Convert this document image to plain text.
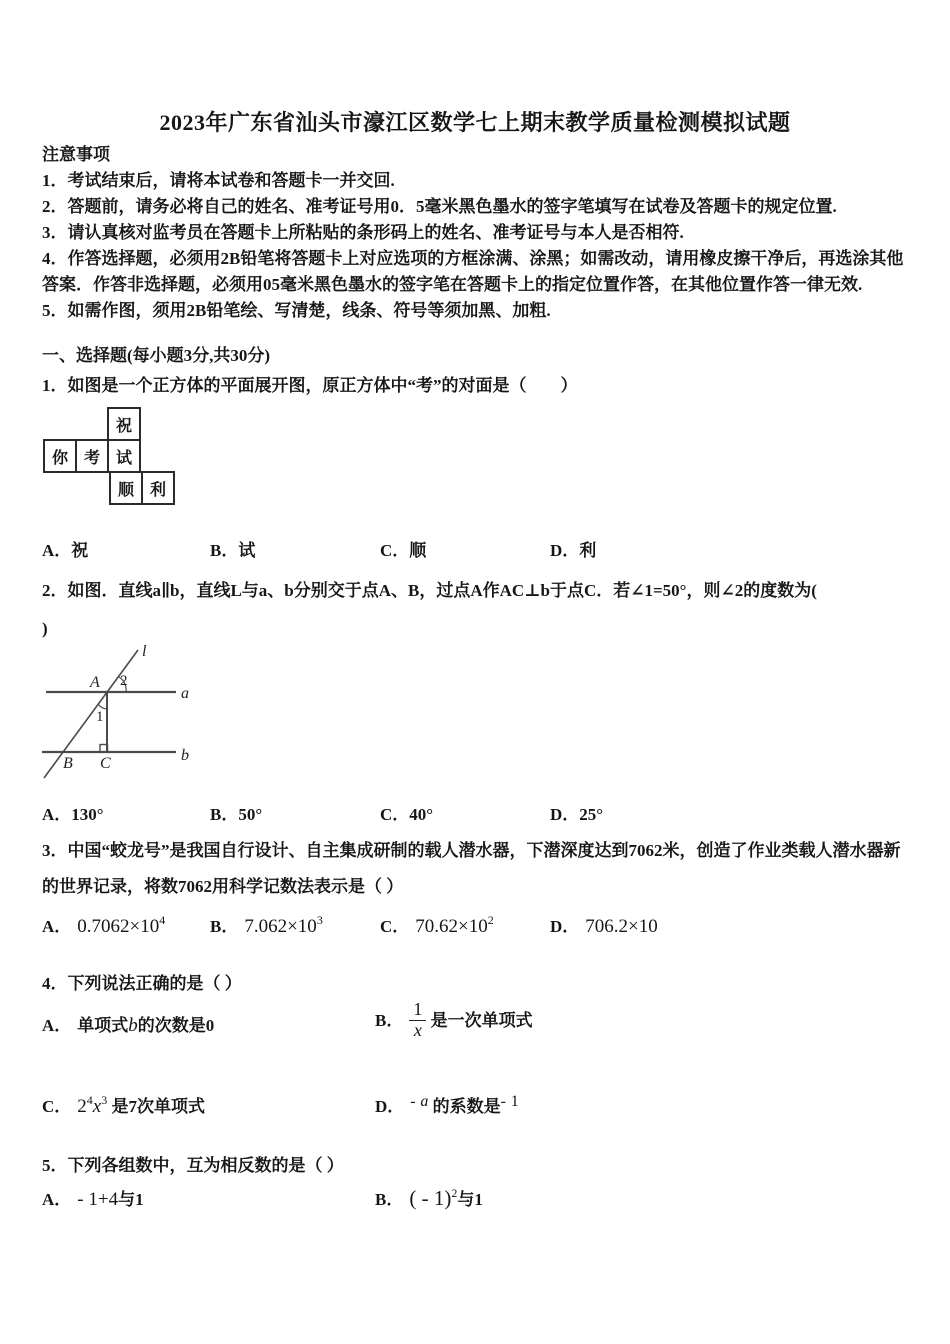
2023年广东省汕头市濠江区数学七上期末教学质量检测模拟试题

注意事项

1．考试结束后，请将本试卷和答题卡一并交回.

2．答题前，请务必将自己的姓名、准考证号用0．5毫米黑色墨水的签字笔填写在试卷及答题卡的规定位置.

3．请认真核对监考员在答题卡上所粘贴的条形码上的姓名、准考证号与本人是否相符.

4．作答选择题，必须用2B铅笔将答题卡上对应选项的方框涂满、涂黑；如需改动，请用橡皮擦干净后，再选涂其他答案．作答非选择题，必须用05毫米黑色墨水的签字笔在答题卡上的指定位置作答，在其他位置作答一律无效.

5．如需作图，须用2B铅笔绘、写清楚，线条、符号等须加黑、加粗.

一、选择题(每小题3分,共30分)
1．如图是一个正方体的平面展开图，原正方体中“考”的对面是（　　）
祝
你 考 试
顺 利
A．祝	B．试	C．顺	D．利
2．如图．直线a∥b，直线L与a、b分别交于点A、B，过点A作AC⊥b于点C．若∠1=50°，则∠2的度数为(
)
l
a
b
A
B C
2
1
A．130°	B．50°	C．40°	D．25°
3．中国“蛟龙号”是我国自行设计、自主集成研制的载人潜水器，下潜深度达到7062米，创造了作业类载人潜水器新的世界记录，将数7062用科学记数法表示是（ ）
A． $0.7062\times 10^4$	B． $7.062\times 10^3$	C． $70.62\times 10^2$	D． 706.2×10
4．下列说法正确的是（ ）
A． 单项式b的次数是0	B． $\frac{1}{x}$ 是一次单项式
C． $2^4x^3$ 是7次单项式	D． - $^a$ 的系数是- $^1$
5．下列各组数中，互为相反数的是（ ）
A． - 1+4与1	B． ( - 1)$^2$与1
